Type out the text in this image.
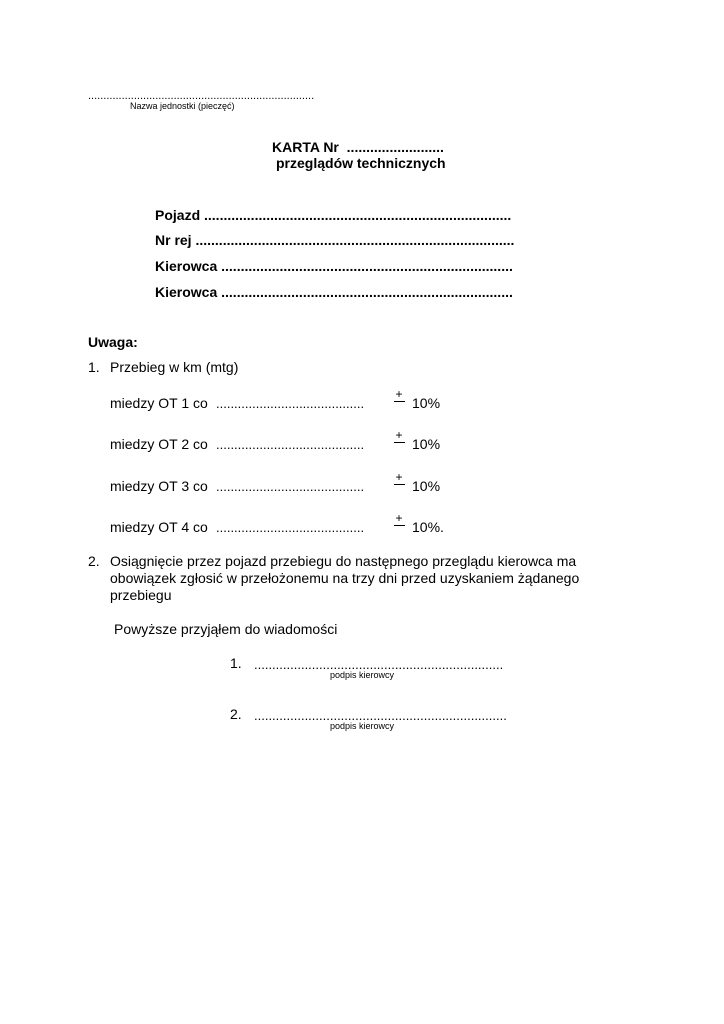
..........................................................................
Nazwa jednostki (pieczęć)
KARTA Nr  .........................
przeglądów technicznych
Pojazd ...............................................................................
Nr rej ..................................................................................
Kierowca ...........................................................................
Kierowca ...........................................................................
Uwaga:
1. Przebieg w km (mtg)
miedzy OT 1 co .........................................
+
10%
miedzy OT 2 co .........................................
+
10%
miedzy OT 3 co .........................................
+
10%
miedzy OT 4 co .........................................
+
10%.
2. Osiągnięcie przez pojazd przebiegu do następnego przeglądu kierowca ma
obowiązek zgłosić w przełożonemu na trzy dni przed uzyskaniem żądanego
przebiegu
Powyższe przyjąłem do wiadomości
1. .....................................................................
podpis kierowcy
2. ......................................................................
podpis kierowcy
